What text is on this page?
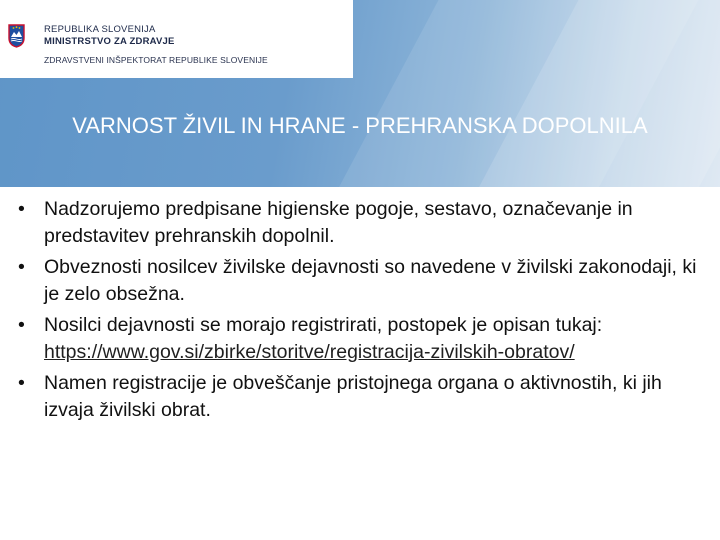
REPUBLIKA SLOVENIJA
MINISTRSTVO ZA ZDRAVJE
ZDRAVSTVENI INŠPEKTORAT REPUBLIKE SLOVENIJE
VARNOST ŽIVIL IN HRANE - PREHRANSKA DOPOLNILA
• Nadzorujemo predpisane higienske pogoje, sestavo, označevanje in predstavitev prehranskih dopolnil.
• Obveznosti nosilcev živilske dejavnosti so navedene v živilski zakonodaji, ki je zelo obsežna.
• Nosilci dejavnosti se morajo registrirati, postopek je opisan tukaj: https://www.gov.si/zbirke/storitve/registracija-zivilskih-obratov/
• Namen registracije je obveščanje pristojnega organa o aktivnostih, ki jih izvaja živilski obrat.
